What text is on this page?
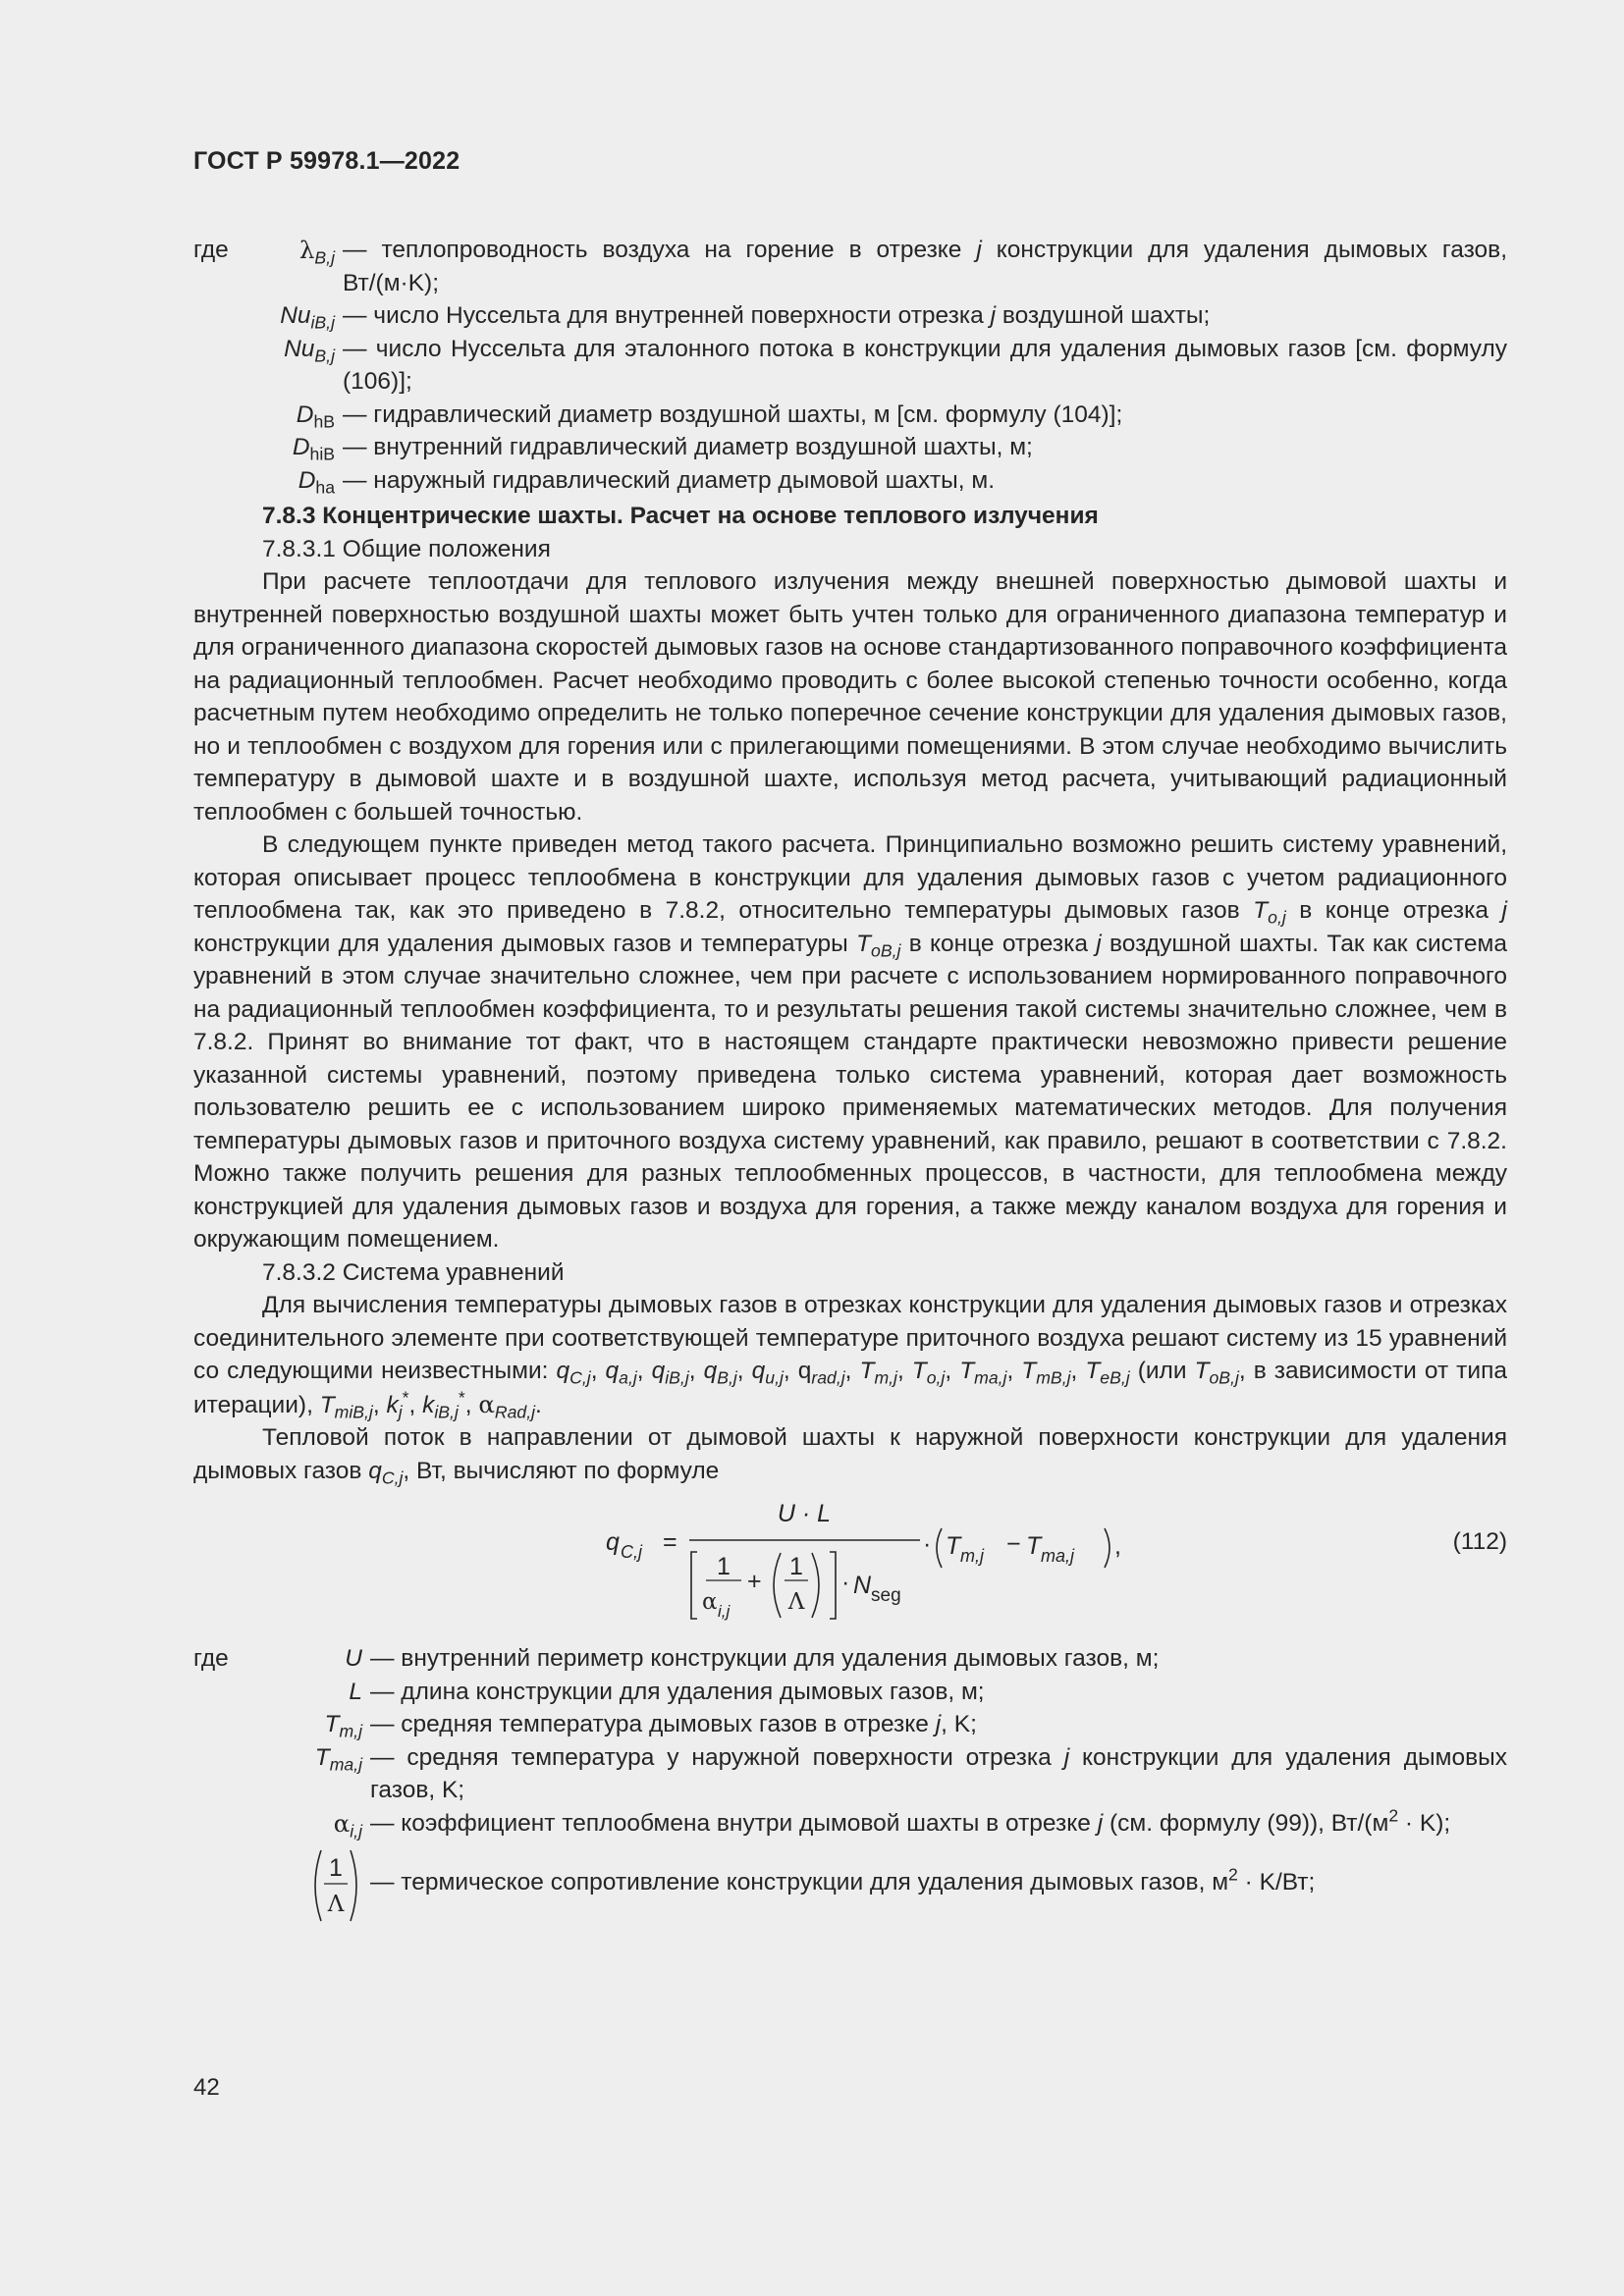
ГОСТ Р 59978.1—2022
где	$\lambda_{B,j}$ — теплопроводность воздуха на горение в отрезке j конструкции для удаления дымовых газов, Вт/(м·K);
$Nu_{iB,j}$ — число Нуссельта для внутренней поверхности отрезка j воздушной шахты;
$Nu_{B,j}$ — число Нуссельта для эталонного потока в конструкции для удаления дымовых газов [см. формулу (106)];
$D_{hB}$ — гидравлический диаметр воздушной шахты, м [см. формулу (104)];
$D_{hiB}$ — внутренний гидравлический диаметр воздушной шахты, м;
$D_{ha}$ — наружный гидравлический диаметр дымовой шахты, м.
7.8.3 Концентрические шахты. Расчет на основе теплового излучения
7.8.3.1 Общие положения

При расчете теплоотдачи для теплового излучения между внешней поверхностью дымовой шахты и внутренней поверхностью воздушной шахты может быть учтен только для ограниченного диапазона температур и для ограниченного диапазона скоростей дымовых газов на основе стандартизованного поправочного коэффициента на радиационный теплообмен. Расчет необходимо проводить с более высокой степенью точности особенно, когда расчетным путем необходимо определить не только поперечное сечение конструкции для удаления дымовых газов, но и теплообмен с воздухом для горения или с прилегающими помещениями. В этом случае необходимо вычислить температуру в дымовой шахте и в воздушной шахте, используя метод расчета, учитывающий радиационный теплообмен с большей точностью.

В следующем пункте приведен метод такого расчета. Принципиально возможно решить систему уравнений, которая описывает процесс теплообмена в конструкции для удаления дымовых газов с учетом радиационного теплообмена так, как это приведено в 7.8.2, относительно температуры дымовых газов $T_{o,j}$ в конце отрезка j конструкции для удаления дымовых газов и температуры $T_{oB,j}$ в конце отрезка j воздушной шахты. Так как система уравнений в этом случае значительно сложнее, чем при расчете с использованием нормированного поправочного на радиационный теплообмен коэффициента, то и результаты решения такой системы значительно сложнее, чем в 7.8.2. Принят во внимание тот факт, что в настоящем стандарте практически невозможно привести решение указанной системы уравнений, поэтому приведена только система уравнений, которая дает возможность пользователю решить ее с использованием широко применяемых математических методов. Для получения температуры дымовых газов и приточного воздуха систему уравнений, как правило, решают в соответствии с 7.8.2. Можно также получить решения для разных теплообменных процессов, в частности, для теплообмена между конструкцией для удаления дымовых газов и воздуха для горения, а также между каналом воздуха для горения и окружающим помещением.

7.8.3.2 Система уравнений

Для вычисления температуры дымовых газов в отрезках конструкции для удаления дымовых газов и отрезках соединительного элементе при соответствующей температуре приточного воздуха решают систему из 15 уравнений со следующими неизвестными: $q_{C,j}$, $q_{a,j}$, $q_{iB,j}$, $q_{B,j}$, $q_{u,j}$, $q_{rad,j}$, $T_{m,j}$, $T_{o,j}$, $T_{ma,j}$, $T_{mB,j}$, $T_{eB,j}$ (или $T_{oB,j}$, в зависимости от типа итерации), $T_{miB,j}$, $k_j^*$, $k_{iB,j}^*$, $\alpha_{Rad,j}$.

Тепловой поток в направлении от дымовой шахты к наружной поверхности конструкции для удаления дымовых газов $q_{C,j}$, Вт, вычисляют по формуле

q C,j =
U · L
1
α i,j
+
1
Λ
· N seg
· T m,j − T ma,j ,	(112)
где	U — внутренний периметр конструкции для удаления дымовых газов, м;
L — длина конструкции для удаления дымовых газов, м;
$T_{m,j}$ — средняя температура дымовых газов в отрезке j, K;
$T_{ma,j}$ — средняя температура у наружной поверхности отрезка j конструкции для удаления дымовых газов, K;
$\alpha_{i,j}$ — коэффициент теплообмена внутри дымовой шахты в отрезке j (см. формулу (99)), $Вт/(м^2 \cdot K)$;
1
Λ
— термическое сопротивление конструкции для удаления дымовых газов, $м^2 \cdot K/Вт$;
42
